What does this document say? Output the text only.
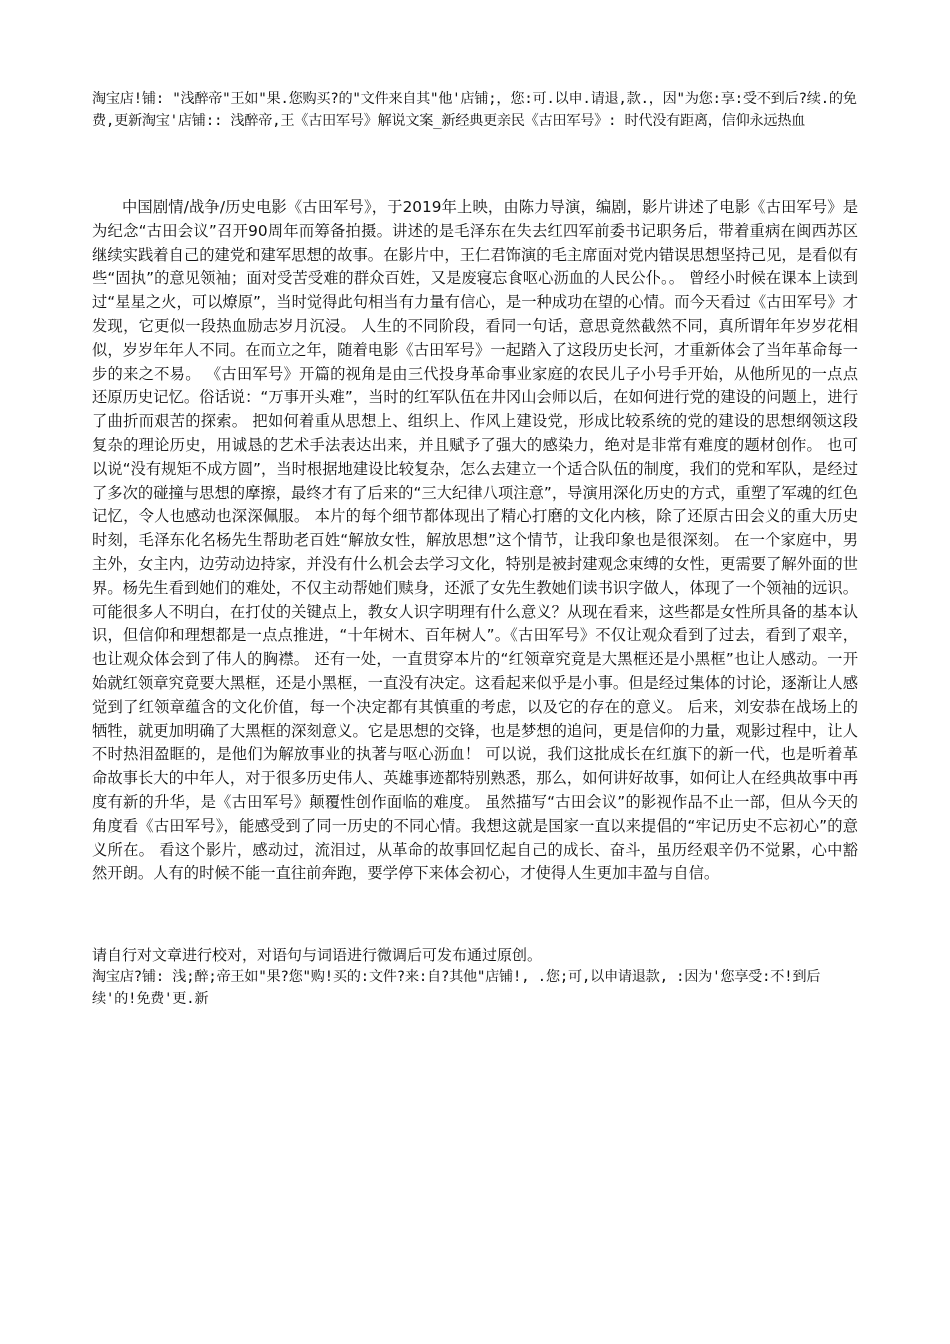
淘宝店!铺: "浅醉帝"王如"果.您购买?的"文件来自其"他'店铺;，您:可.以申.请退,款.，因"为您:享:受不到后?续.的免费,更新淘宝'店铺:: 浅醉帝,王《古田军号》解说文案_新经典更亲民《古田军号》: 时代没有距离，信仰永远热血

中国剧情/战争/历史电影《古田军号》，于2019年上映，由陈力导演，编剧，影片讲述了电影《古田军号》是为纪念“古田会议”召开90周年而筹备拍摄。讲述的是毛泽东在失去红四军前委书记职务后，带着重病在闽西苏区继续实践着自己的建党和建军思想的故事。在影片中，王仁君饰演的毛主席面对党内错误思想坚持己见，是看似有些“固执”的意见领袖；面对受苦受难的群众百姓，又是废寝忘食呕心沥血的人民公仆。。 曾经小时候在课本上读到过“星星之火，可以燎原”，当时觉得此句相当有力量有信心，是一种成功在望的心情。而今天看过《古田军号》才发现，它更似一段热血励志岁月沉浸。 人生的不同阶段，看同一句话，意思竟然截然不同，真所谓年年岁岁花相似，岁岁年年人不同。在而立之年，随着电影《古田军号》一起踏入了这段历史长河，才重新体会了当年革命每一步的来之不易。 《古田军号》开篇的视角是由三代投身革命事业家庭的农民儿子小号手开始，从他所见的一点点还原历史记忆。俗话说：“万事开头难”，当时的红军队伍在井冈山会师以后，在如何进行党的建设的问题上，进行了曲折而艰苦的探索。 把如何着重从思想上、组织上、作风上建设党，形成比较系统的党的建设的思想纲领这段复杂的理论历史，用诚恳的艺术手法表达出来，并且赋予了强大的感染力，绝对是非常有难度的题材创作。 也可以说“没有规矩不成方圆”，当时根据地建设比较复杂，怎么去建立一个适合队伍的制度，我们的党和军队，是经过了多次的碰撞与思想的摩擦，最终才有了后来的“三大纪律八项注意”，导演用深化历史的方式，重塑了军魂的红色记忆，令人也感动也深深佩服。 本片的每个细节都体现出了精心打磨的文化内核，除了还原古田会义的重大历史时刻，毛泽东化名杨先生帮助老百姓“解放女性，解放思想”这个情节，让我印象也是很深刻。 在一个家庭中，男主外，女主内，边劳动边持家，并没有什么机会去学习文化，特别是被封建观念束缚的女性，更需要了解外面的世界。杨先生看到她们的难处，不仅主动帮她们赎身，还派了女先生教她们读书识字做人，体现了一个领袖的远识。 可能很多人不明白，在打仗的关键点上，教女人识字明理有什么意义？从现在看来，这些都是女性所具备的基本认识，但信仰和理想都是一点点推进，“十年树木、百年树人”。《古田军号》不仅让观众看到了过去，看到了艰辛，也让观众体会到了伟人的胸襟。 还有一处，一直贯穿本片的“红领章究竟是大黑框还是小黑框”也让人感动。一开始就红领章究竟要大黑框，还是小黑框，一直没有决定。这看起来似乎是小事。但是经过集体的讨论，逐渐让人感觉到了红领章蕴含的文化价值，每一个决定都有其慎重的考虑，以及它的存在的意义。 后来，刘安恭在战场上的牺牲，就更加明确了大黑框的深刻意义。它是思想的交锋，也是梦想的追问，更是信仰的力量，观影过程中，让人不时热泪盈眶的，是他们为解放事业的执著与呕心沥血！ 可以说，我们这批成长在红旗下的新一代，也是听着革命故事长大的中年人，对于很多历史伟人、英雄事迹都特别熟悉，那么，如何讲好故事，如何让人在经典故事中再度有新的升华，是《古田军号》颠覆性创作面临的难度。 虽然描写“古田会议”的影视作品不止一部，但从今天的角度看《古田军号》，能感受到了同一历史的不同心情。我想这就是国家一直以来提倡的“牢记历史不忘初心”的意义所在。 看这个影片，感动过，流泪过，从革命的故事回忆起自己的成长、奋斗，虽历经艰辛仍不觉累，心中豁然开朗。人有的时候不能一直往前奔跑，要学停下来体会初心，才使得人生更加丰盈与自信。

请自行对文章进行校对，对语句与词语进行微调后可发布通过原创。

淘宝店?铺: 浅;醉;帝王如"果?您"购!买的:文件?来:自?其他"店铺!, .您;可,以申请退款, :因为'您享受:不!到后续'的!免费'更.新
